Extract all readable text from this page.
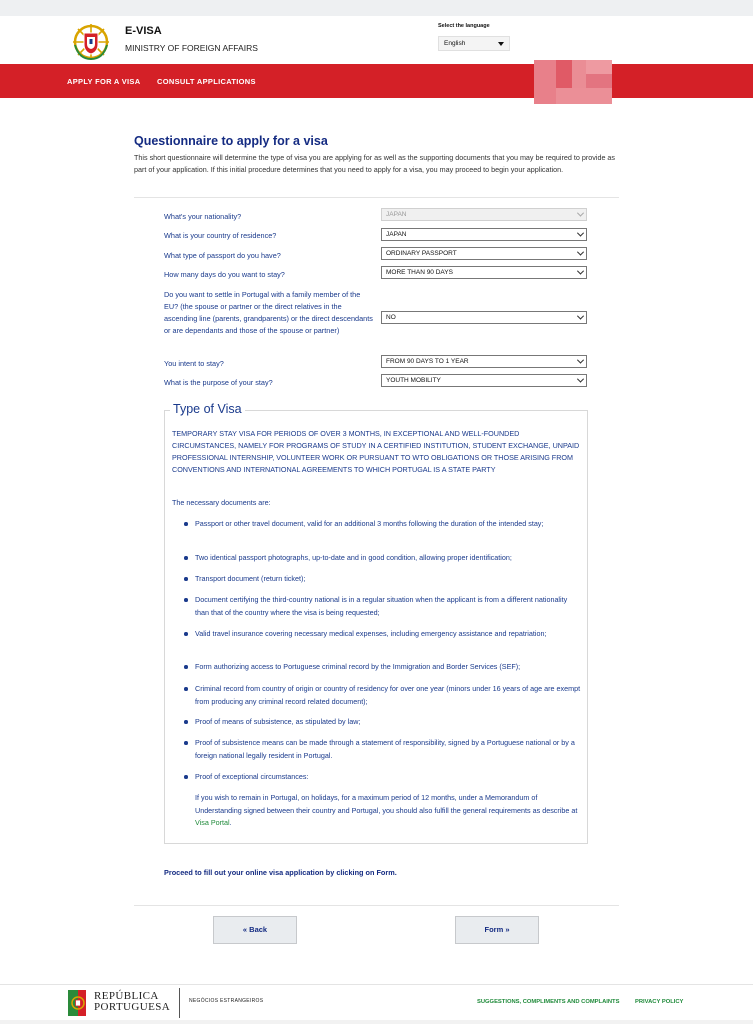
E-VISA
MINISTRY OF FOREIGN AFFAIRS
Select the language
English
APPLY FOR A VISA CONSULT APPLICATIONS
Questionnaire to apply for a visa
This short questionnaire will determine the type of visa you are applying for as well as the supporting documents that you may be required to provide as part of your application. If this initial procedure determines that you need to apply for a visa, you may proceed to begin your application.
What's your nationality?	JAPAN
What is your country of residence?	JAPAN
What type of passport do you have?	ORDINARY PASSPORT
How many days do you want to stay?	MORE THAN 90 DAYS
Do you want to settle in Portugal with a family member of the EU? (the spouse or partner or the direct relatives in the ascending line (parents, grandparents) or the direct descendants or are dependants and those of the spouse or partner)
NO
You intent to stay?	FROM 90 DAYS TO 1 YEAR
What is the purpose of your stay?	YOUTH MOBILITY
Type of Visa
TEMPORARY STAY VISA FOR PERIODS OF OVER 3 MONTHS, IN EXCEPTIONAL AND WELL-FOUNDED CIRCUMSTANCES, NAMELY FOR PROGRAMS OF STUDY IN A CERTIFIED INSTITUTION, STUDENT EXCHANGE, UNPAID PROFESSIONAL INTERNSHIP, VOLUNTEER WORK OR PURSUANT TO WTO OBLIGATIONS OR THOSE ARISING FROM CONVENTIONS AND INTERNATIONAL AGREEMENTS TO WHICH PORTUGAL IS A STATE PARTY
The necessary documents are:
Passport or other travel document, valid for an additional 3 months following the duration of the intended stay;
Two identical passport photographs, up-to-date and in good condition, allowing proper identification;
Transport document (return ticket);
Document certifying the third-country national is in a regular situation when the applicant is from a different nationality than that of the country where the visa is being requested;
Valid travel insurance covering necessary medical expenses, including emergency assistance and repatriation;
Form authorizing access to Portuguese criminal record by the Immigration and Border Services (SEF);
Criminal record from country of origin or country of residency for over one year (minors under 16 years of age are exempt from producing any criminal record related document);
Proof of means of subsistence, as stipulated by law;
Proof of subsistence means can be made through a statement of responsibility, signed by a Portuguese national or by a foreign national legally resident in Portugal.
Proof of exceptional circumstances:
If you wish to remain in Portugal, on holidays, for a maximum period of 12 months, under a Memorandum of Understanding signed between their country and Portugal, you should also fulfill the general requirements as describe at Visa Portal.
Proceed to fill out your online visa application by clicking on Form.
« Back	Form »
REPÚBLICA
PORTUGUESA	NEGÓCIOS ESTRANGEIROS	SUGGESTIONS, COMPLIMENTS AND COMPLAINTS	PRIVACY POLICY
